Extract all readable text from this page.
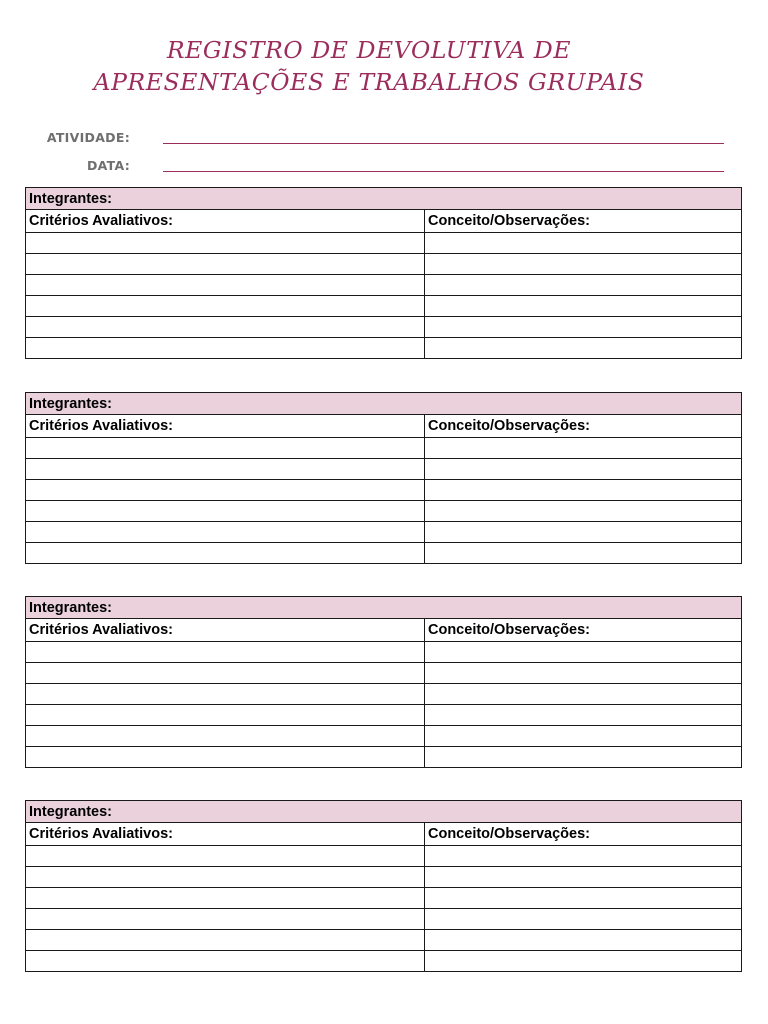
REGISTRO DE DEVOLUTIVA DE
APRESENTAÇÕES E TRABALHOS GRUPAIS
ATIVIDADE:
DATA:
Integrantes:	
Critérios Avaliativos:	Conceito/Observações:

Integrantes:	
Critérios Avaliativos:	Conceito/Observações:

Integrantes:	
Critérios Avaliativos:	Conceito/Observações:

Integrantes:	
Critérios Avaliativos:	Conceito/Observações:
